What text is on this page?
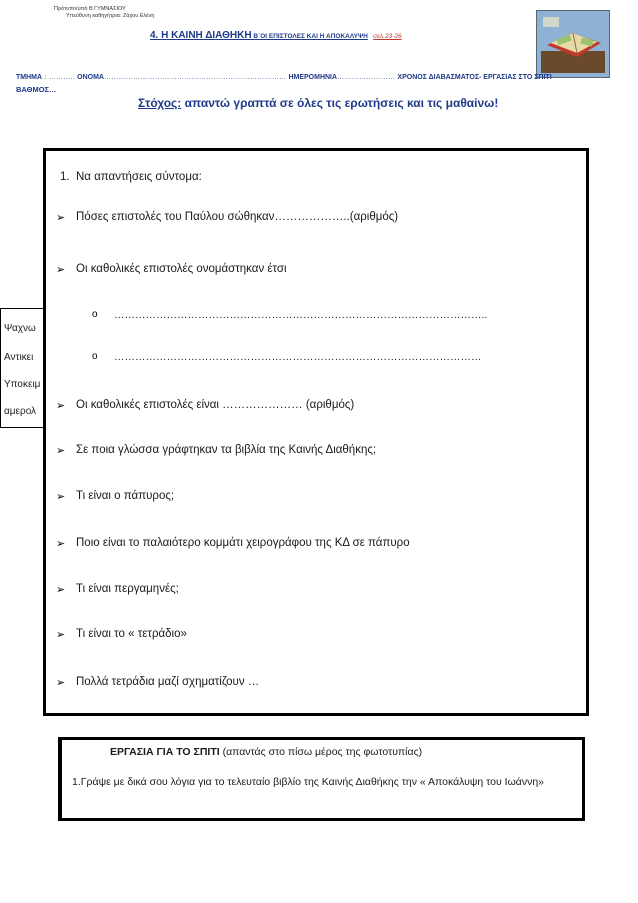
Πρότυπο/υπό Β ΓΥΜΝΑΣΙΟΥ
Υπεύθυνη καθηγήτρια: Ζάχου Ελένη
4. Η ΚΑΙΝΗ ΔΙΑΘΗΚΗ Β΄ΟΙ ΕΠΙΣΤΟΛΕΣ ΚΑΙ Η ΑΠΟΚΑΛΥΨΗ σελ.23-26
ΤΜΗΜΑ : ……….. ΟΝΟΜΑ………………………………………………………………… ΗΜΕΡΟΜΗΝΙΑ…………………… ΧΡΟΝΟΣ ΔΙΑΒΑΣΜΑΤΟΣ- ΕΡΓΑΣΙΑΣ ΣΤΟ ΣΠΙΤΙ
ΒΑΘΜΟΣ…
Στόχος: απαντώ γραπτά σε όλες τις ερωτήσεις και τις μαθαίνω!
Ψαχνω
Αντικει
Υποκειμ
αμερολ
1. Να απαντήσεις σύντομα:
➢ Πόσες επιστολές του Παύλου σώθηκαν………………..(αριθμός)
➢ Οι καθολικές επιστολές ονομάστηκαν έτσι
o ……………………………………………………………………………………………..
o ……………………………………………………………………………………………
➢ Οι καθολικές επιστολές είναι ………………… (αριθμός)
➢ Σε ποια γλώσσα γράφτηκαν τα βιβλία της Καινής Διαθήκης;
➢ Τι είναι ο πάπυρος;
➢ Ποιο είναι το παλαιότερο κομμάτι χειρογράφου της ΚΔ σε πάπυρο
➢ Τι είναι περγαμηνές;
➢ Τι είναι το « τετράδιο»
➢ Πολλά τετράδια μαζί σχηματίζουν …
ΕΡΓΑΣΙΑ ΓΙΑ ΤΟ ΣΠΙΤΙ (απαντάς στο πίσω μέρος της φωτοτυπίας)
1.Γράψε με δικά σου λόγια για το τελευταίο βιβλίο της Καινής Διαθήκης την « Αποκάλυψη του Ιωάννη»
